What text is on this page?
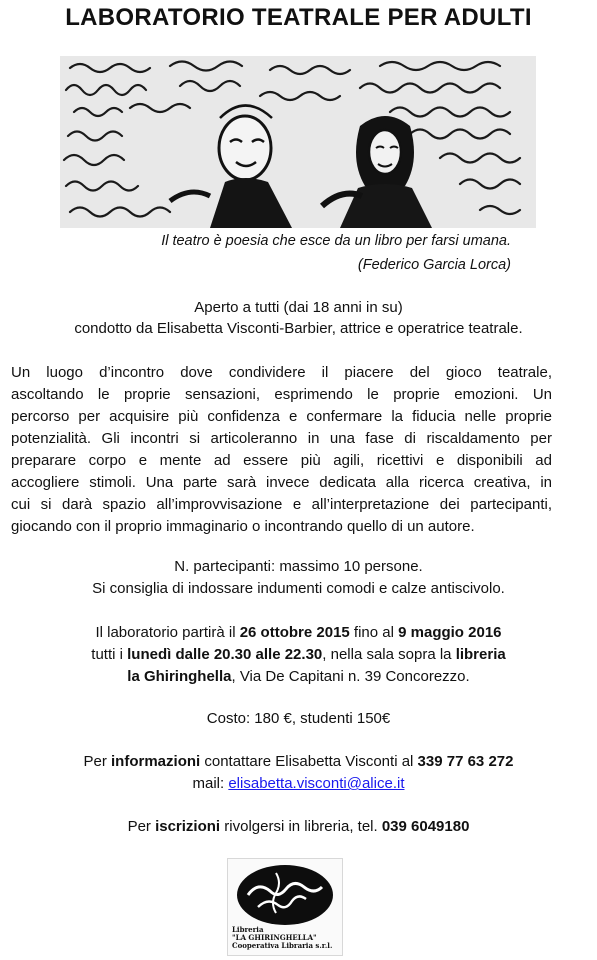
LABORATORIO TEATRALE PER ADULTI
Il teatro è poesia che esce da un libro per farsi umana.
(Federico Garcia Lorca)
Aperto a tutti (dai 18 anni in su)
condotto da Elisabetta Visconti-Barbier, attrice e operatrice teatrale.
Un luogo d’incontro dove condividere il piacere del gioco teatrale,
ascoltando le proprie sensazioni, esprimendo le proprie emozioni. Un
percorso per acquisire più confidenza e confermare la fiducia nelle proprie
potenzialità. Gli incontri si articoleranno in una fase di riscaldamento per
preparare corpo e mente ad essere più agili, ricettivi e disponibili ad
accogliere stimoli. Una parte sarà invece dedicata alla ricerca creativa, in
cui si darà spazio all’improvvisazione e all’interpretazione dei partecipanti,
giocando con il proprio immaginario o incontrando quello di un autore.
N. partecipanti: massimo 10 persone.
Si consiglia di indossare indumenti comodi e calze antiscivolo.
Il laboratorio partirà il 26 ottobre 2015 fino al 9 maggio 2016
tutti i lunedì dalle 20.30 alle 22.30, nella sala sopra la libreria
la Ghiringhella, Via De Capitani n. 39 Concorezzo.
Costo: 180 €, studenti 150€
Per informazioni contattare Elisabetta Visconti al 339 77 63 272
mail: elisabetta.visconti@alice.it
Per iscrizioni rivolgersi in libreria, tel. 039 6049180
Libreria
"LA GHIRINGHELLA"
Cooperativa Libraria s.r.l.
